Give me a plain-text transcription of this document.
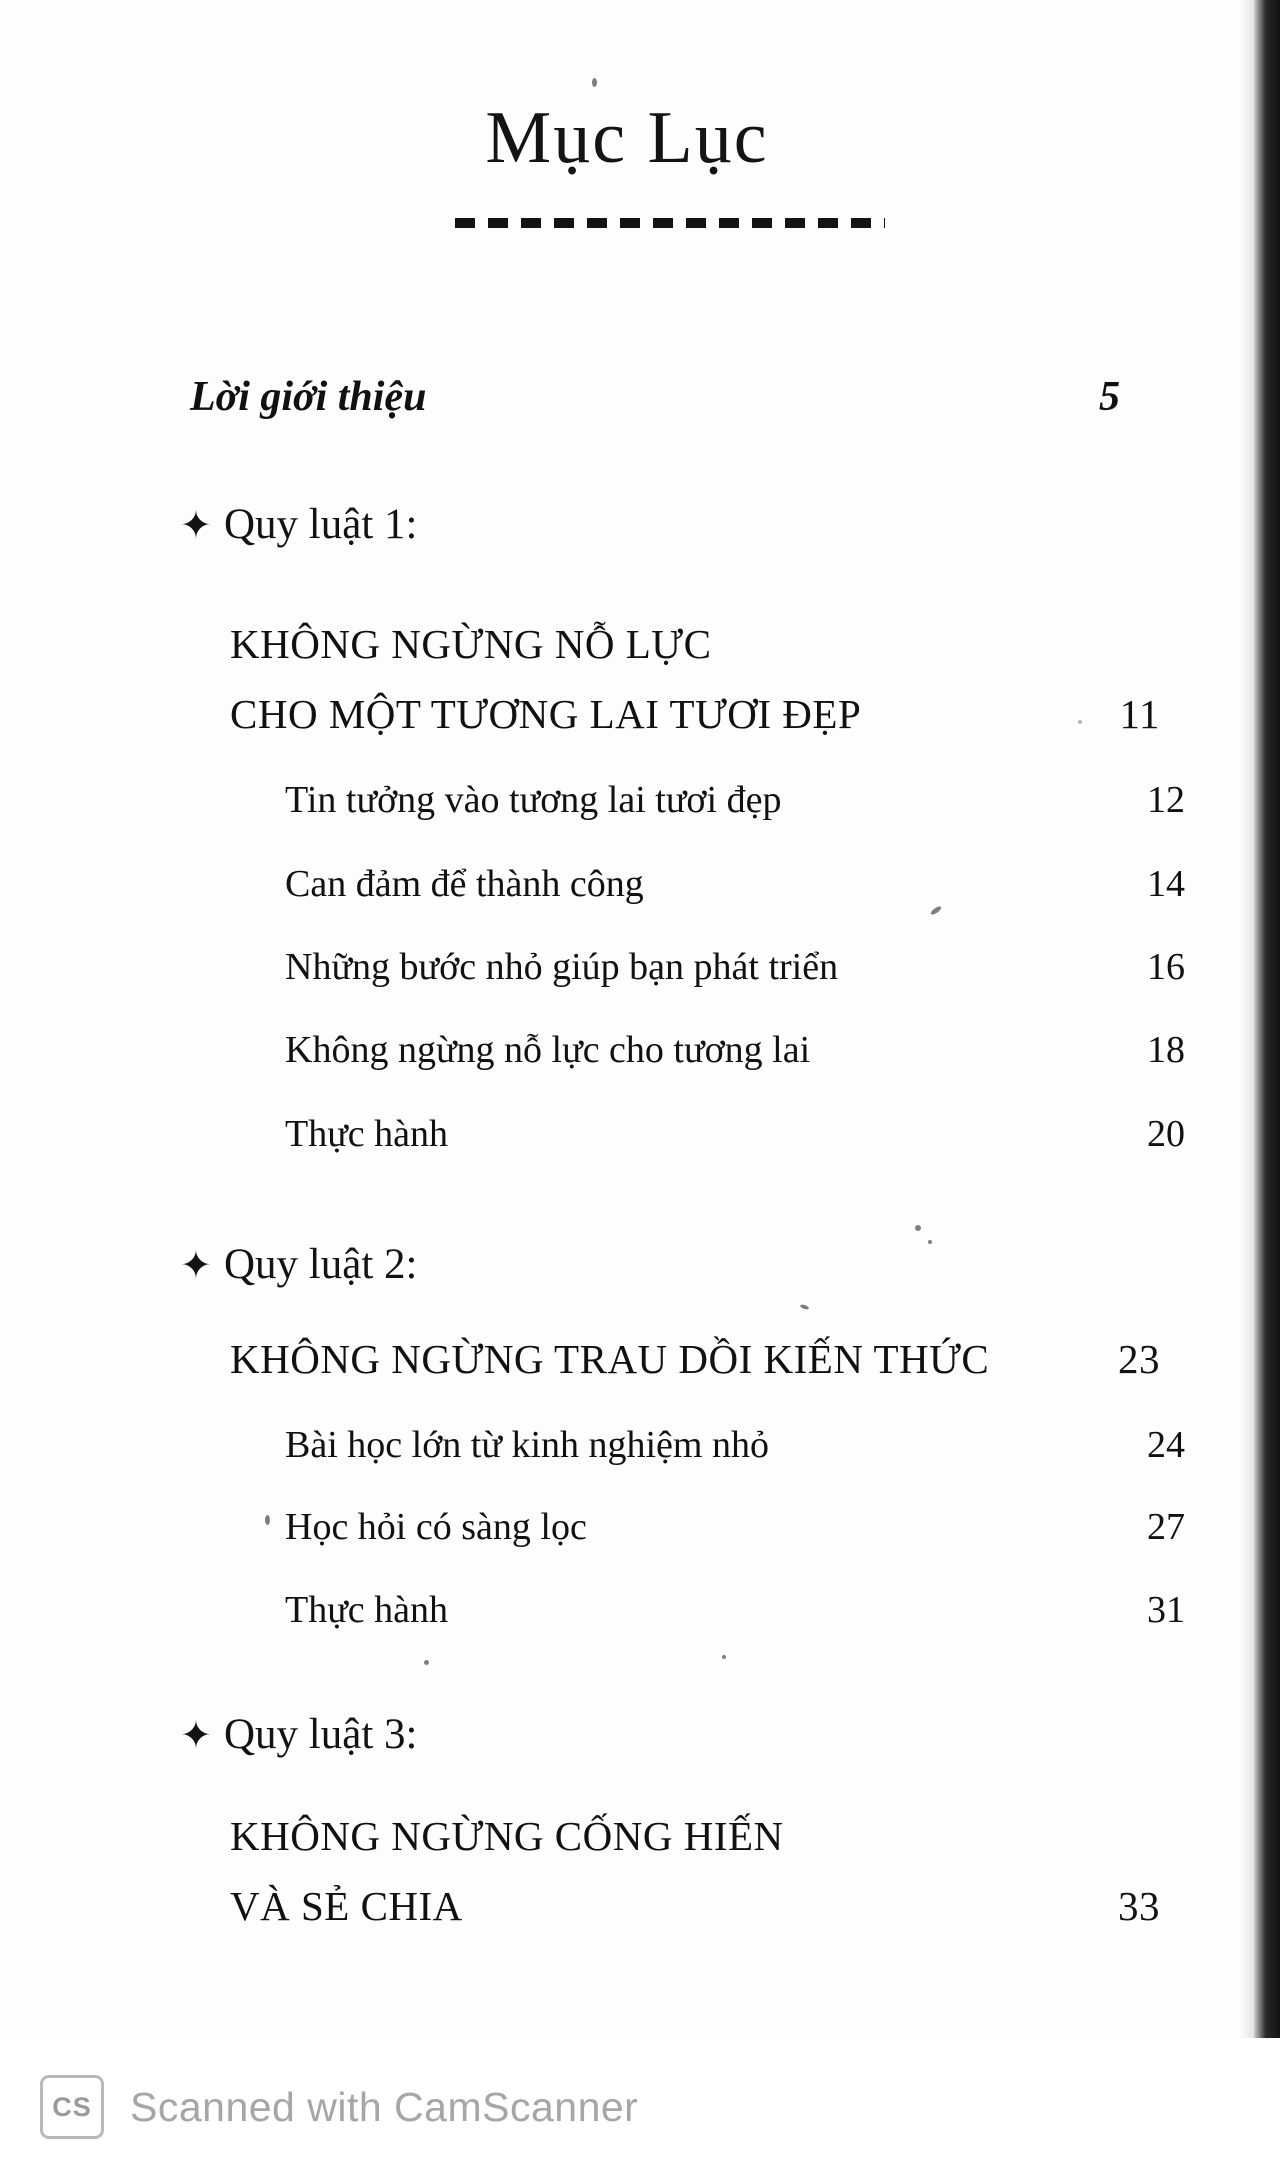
Mục Lục
Lời giới thiệu	5
✦ Quy luật 1:
KHÔNG NGỪNG NỖ LỰC
CHO MỘT TƯƠNG LAI TƯƠI ĐẸP	11
Tin tưởng vào tương lai tươi đẹp	12
Can đảm để thành công	14
Những bước nhỏ giúp bạn phát triển	16
Không ngừng nỗ lực cho tương lai	18
Thực hành	20
✦ Quy luật 2:
KHÔNG NGỪNG TRAU DỒI KIẾN THỨC	23
Bài học lớn từ kinh nghiệm nhỏ	24
Học hỏi có sàng lọc	27
Thực hành	31
✦ Quy luật 3:
KHÔNG NGỪNG CỐNG HIẾN
VÀ SẺ CHIA	33
CS Scanned with CamScanner
